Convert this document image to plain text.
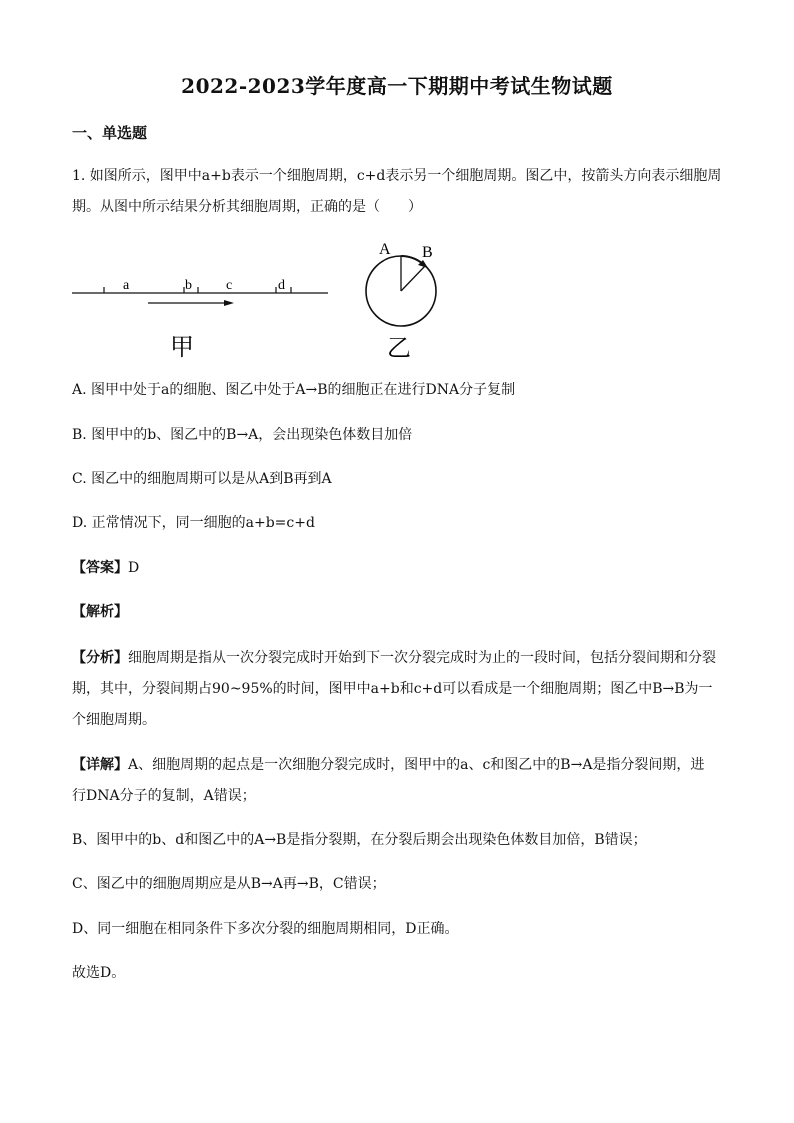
2022-2023学年度高一下期期中考试生物试题
一、单选题
1. 如图所示，图甲中a+b表示一个细胞周期，c+d表示另一个细胞周期。图乙中，按箭头方向表示细胞周
期。从图中所示结果分析其细胞周期，正确的是（　　）
a	b c	d
甲
A B
乙
A. 图甲中处于a的细胞、图乙中处于A→B的细胞正在进行DNA分子复制
B. 图甲中的b、图乙中的B→A，会出现染色体数目加倍
C. 图乙中的细胞周期可以是从A到B再到A
D. 正常情况下，同一细胞的a+b=c+d
【答案】D
【解析】
【分析】细胞周期是指从一次分裂完成时开始到下一次分裂完成时为止的一段时间，包括分裂间期和分裂
期，其中，分裂间期占90~95%的时间，图甲中a+b和c+d可以看成是一个细胞周期；图乙中B→B为一
个细胞周期。
【详解】A、细胞周期的起点是一次细胞分裂完成时，图甲中的a、c和图乙中的B→A是指分裂间期，进
行DNA分子的复制，A错误；
B、图甲中的b、d和图乙中的A→B是指分裂期，在分裂后期会出现染色体数目加倍，B错误；
C、图乙中的细胞周期应是从B→A再→B，C错误；
D、同一细胞在相同条件下多次分裂的细胞周期相同，D正确。
故选D。
